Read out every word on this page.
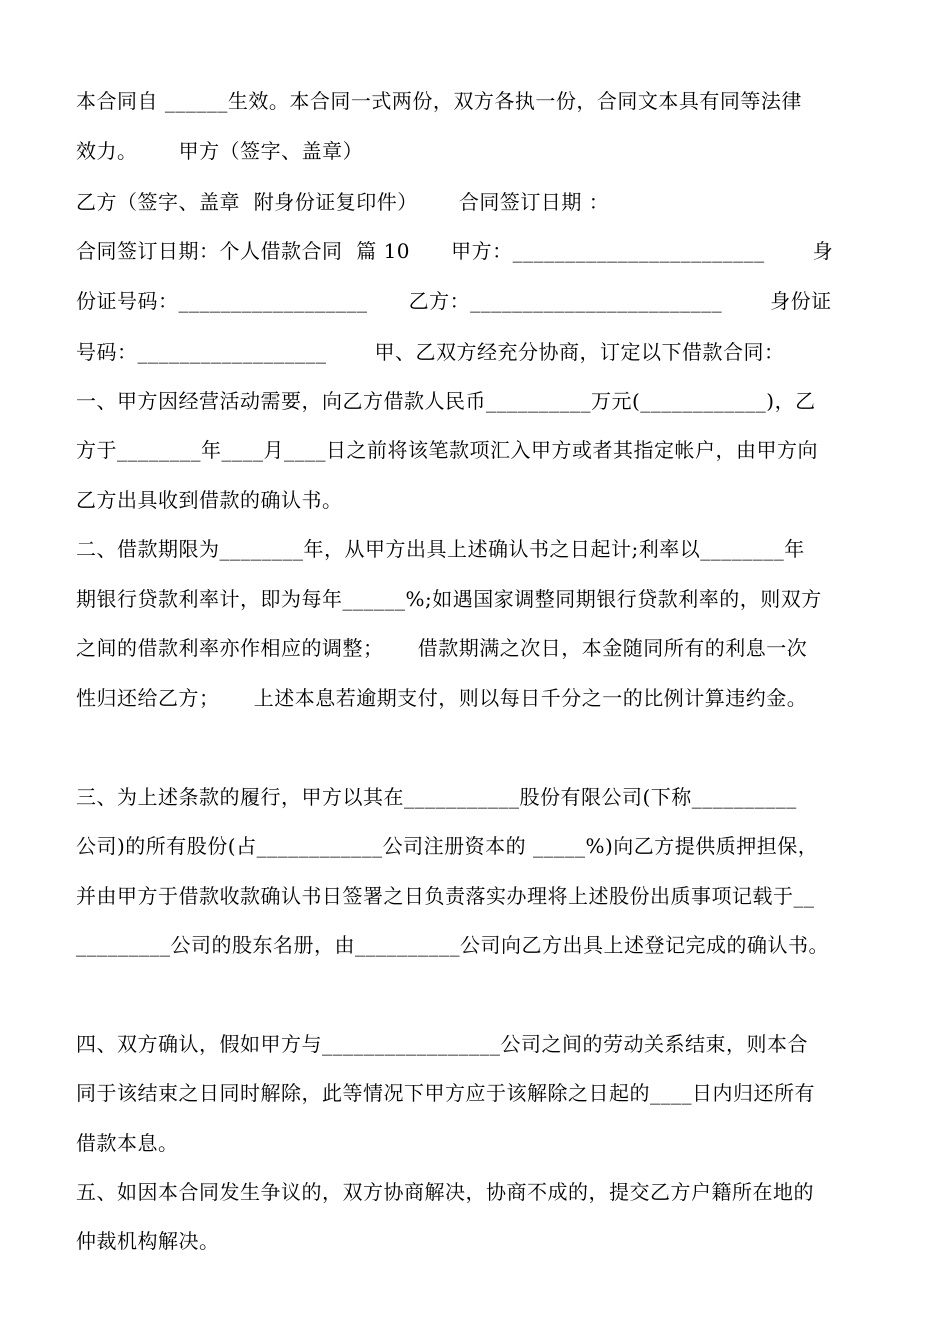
本合同自 ______生效。本合同一式两份，双方各执一份，合同文本具有同等法律
效力。      甲方（签字、盖章）
乙方（签字、盖章  附身份证复印件）      合同签订日期 ：
合同签订日期：个人借款合同  篇 10      甲方：________________________       身
份证号码：__________________      乙方：________________________       身份证
号码：__________________       甲、乙双方经充分协商，订定以下借款合同：
一、甲方因经营活动需要，向乙方借款人民币__________万元(____________)，乙
方于________年____月____日之前将该笔款项汇入甲方或者其指定帐户，由甲方向
乙方出具收到借款的确认书。
二、借款期限为________年，从甲方出具上述确认书之日起计;利率以________年
期银行贷款利率计，即为每年______%;如遇国家调整同期银行贷款利率的，则双方
之间的借款利率亦作相应的调整；     借款期满之次日，本金随同所有的利息一次
性归还给乙方；     上述本息若逾期支付，则以每日千分之一的比例计算违约金。
三、为上述条款的履行，甲方以其在___________股份有限公司(下称__________
公司)的所有股份(占____________公司注册资本的 _____%)向乙方提供质押担保，
并由甲方于借款收款确认书日签署之日负责落实办理将上述股份出质事项记载于__
_________公司的股东名册，由__________公司向乙方出具上述登记完成的确认书。
四、双方确认，假如甲方与_________________公司之间的劳动关系结束，则本合
同于该结束之日同时解除，此等情况下甲方应于该解除之日起的____日内归还所有
借款本息。
五、如因本合同发生争议的，双方协商解决，协商不成的，提交乙方户籍所在地的
仲裁机构解决。
